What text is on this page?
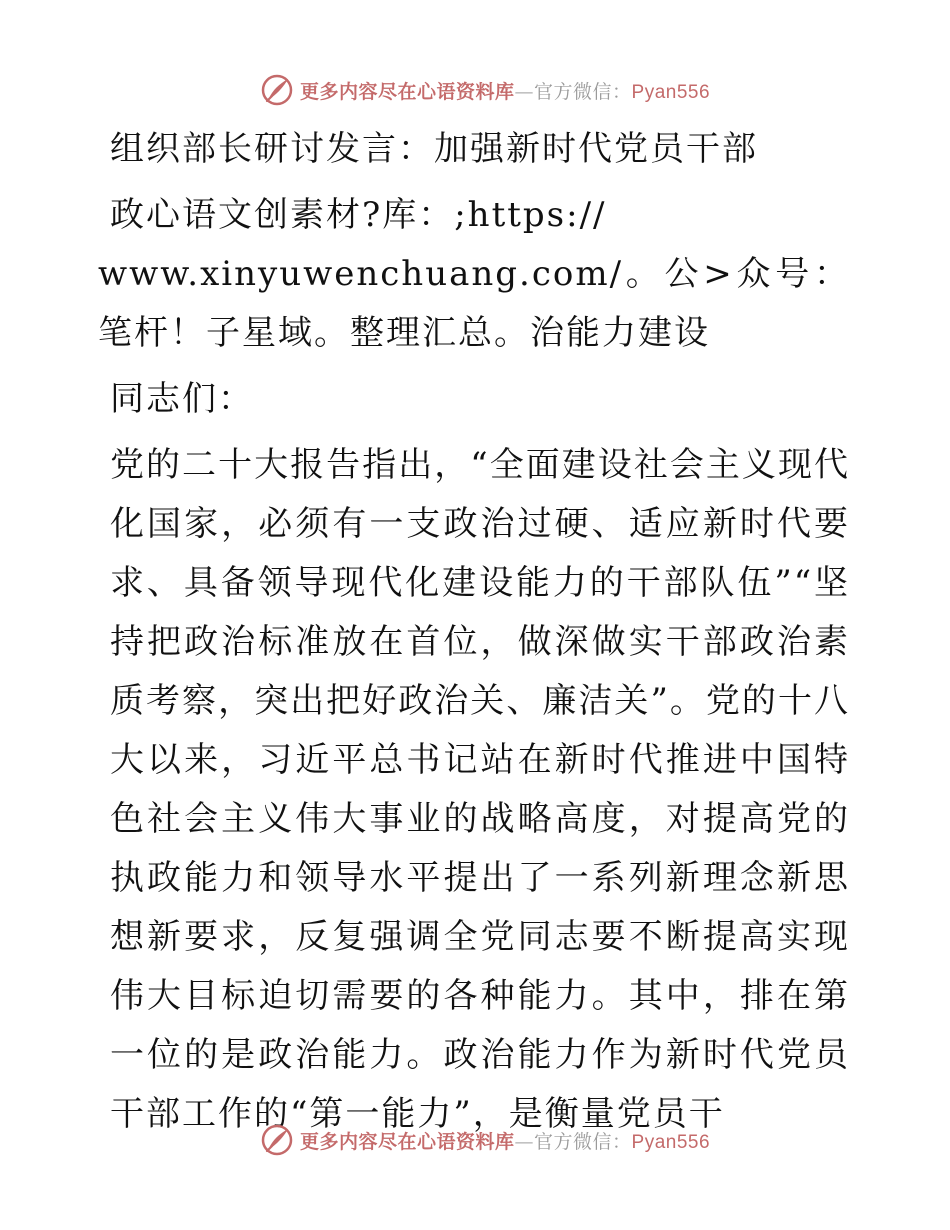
更多内容尽在心语资料库—官方微信：Pyan556

组织部长研讨发言：加强新时代党员干部

政心语文创素材?库：;https://

www.xinyuwenchuang.com/。公>众号：笔杆！子星域。整理汇总。治能力建设

同志们：

党的二十大报告指出，“全面建设社会主义现代化国家，必须有一支政治过硬、适应新时代要求、具备领导现代化建设能力的干部队伍”“坚持把政治标准放在首位，做深做实干部政治素质考察，突出把好政治关、廉洁关”。党的十八大以来，习近平总书记站在新时代推进中国特色社会主义伟大事业的战略高度，对提高党的执政能力和领导水平提出了一系列新理念新思想新要求，反复强调全党同志要不断提高实现伟大目标迫切需要的各种能力。其中，排在第一位的是政治能力。政治能力作为新时代党员干部工作的“第一能力”，是衡量党员干

更多内容尽在心语资料库—官方微信：Pyan556
